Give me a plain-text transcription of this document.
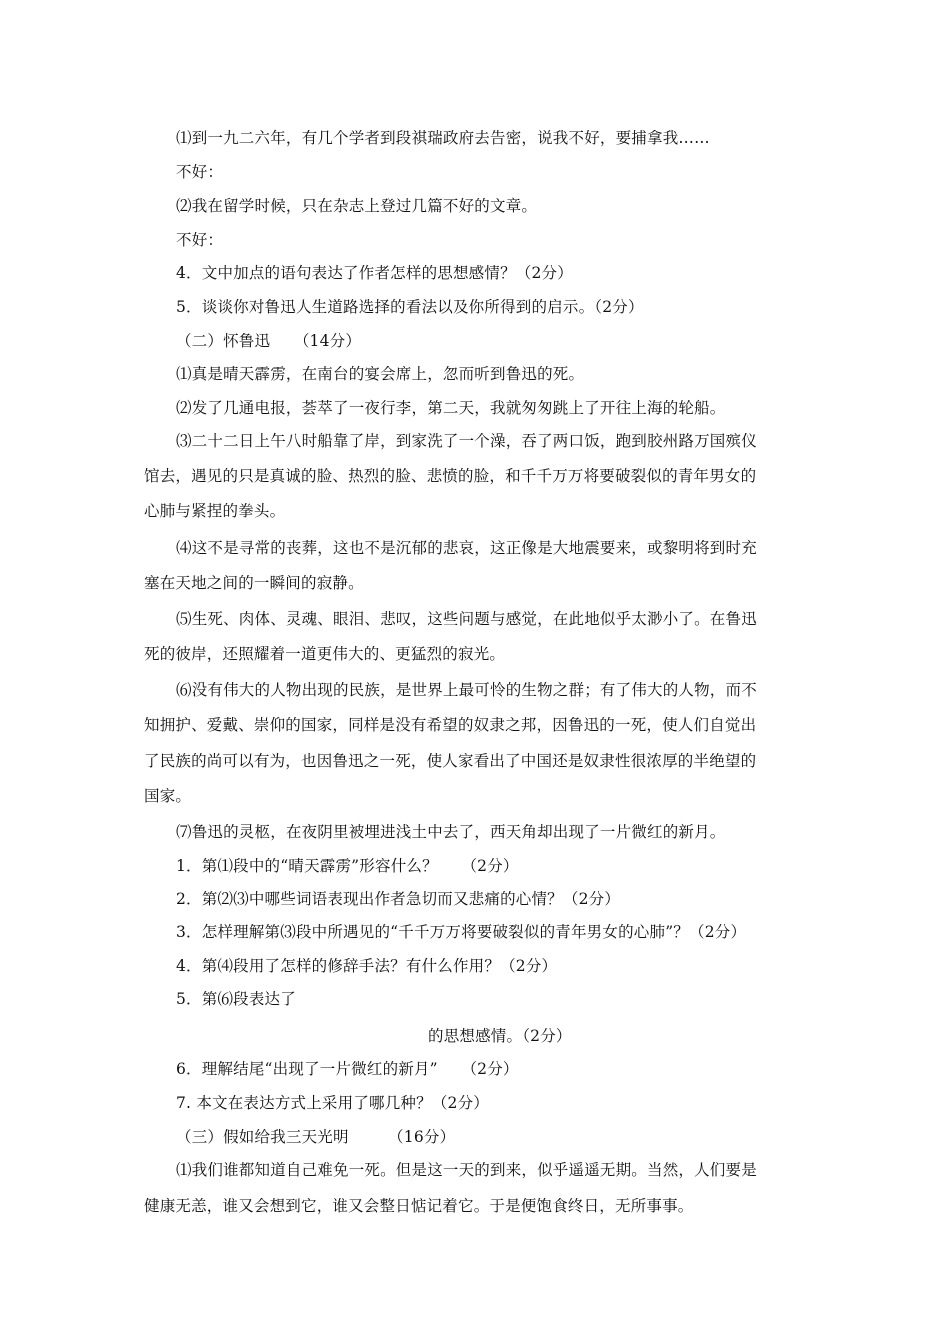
⑴到一九二六年，有几个学者到段祺瑞政府去告密，说我不好，要捕拿我……
不好：
⑵我在留学时候，只在杂志上登过几篇不好的文章。
不好：
4．文中加点的语句表达了作者怎样的思想感情？（2分）
5．谈谈你对鲁迅人生道路选择的看法以及你所得到的启示。（2分）
（二）怀鲁迅　　（14分）
⑴真是晴天霹雳，在南台的宴会席上，忽而听到鲁迅的死。
⑵发了几通电报，荟萃了一夜行李，第二天，我就匆匆跳上了开往上海的轮船。
⑶二十二日上午八时船靠了岸，到家洗了一个澡，吞了两口饭，跑到胶州路万国殡仪
馆去，遇见的只是真诚的脸、热烈的脸、悲愤的脸，和千千万万将要破裂似的青年男女的
心肺与紧捏的拳头。
⑷这不是寻常的丧葬，这也不是沉郁的悲哀，这正像是大地震要来，或黎明将到时充
塞在天地之间的一瞬间的寂静。
⑸生死、肉体、灵魂、眼泪、悲叹，这些问题与感觉，在此地似乎太渺小了。在鲁迅
死的彼岸，还照耀着一道更伟大的、更猛烈的寂光。
⑹没有伟大的人物出现的民族，是世界上最可怜的生物之群；有了伟大的人物，而不
知拥护、爱戴、崇仰的国家，同样是没有希望的奴隶之邦，因鲁迅的一死，使人们自觉出
了民族的尚可以有为，也因鲁迅之一死，使人家看出了中国还是奴隶性很浓厚的半绝望的
国家。
⑺鲁迅的灵柩，在夜阴里被埋进浅土中去了，西天角却出现了一片微红的新月。
1．第⑴段中的“晴天霹雳”形容什么？　　（2分）
2．第⑵⑶中哪些词语表现出作者急切而又悲痛的心情？（2分）
3．怎样理解第⑶段中所遇见的“千千万万将要破裂似的青年男女的心肺”？（2分）
4．第⑷段用了怎样的修辞手法？有什么作用？（2分）
5．第⑹段表达了
的思想感情。（2分）
6．理解结尾“出现了一片微红的新月”　　（2分）
7. 本文在表达方式上采用了哪几种？（2分）
（三）假如给我三天光明　　　（16分）
⑴我们谁都知道自己难免一死。但是这一天的到来，似乎遥遥无期。当然，人们要是
健康无恙，谁又会想到它，谁又会整日惦记着它。于是便饱食终日，无所事事。
